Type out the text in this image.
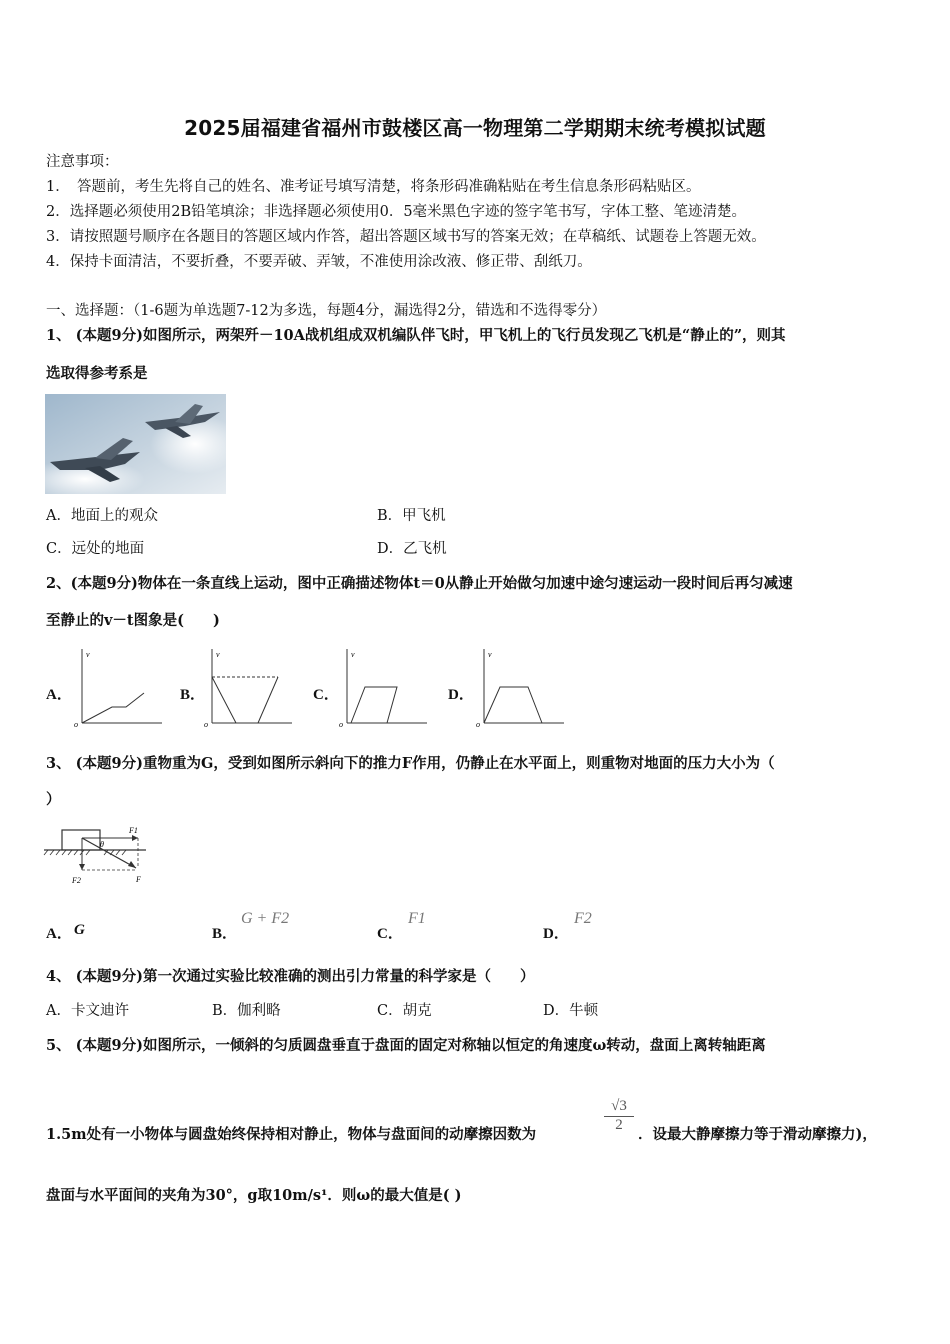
2025届福建省福州市鼓楼区高一物理第二学期期末统考模拟试题
注意事项：
1．　答题前，考生先将自己的姓名、准考证号填写清楚，将条形码准确粘贴在考生信息条形码粘贴区。
2．选择题必须使用2B铅笔填涂；非选择题必须使用0．5毫米黑色字迹的签字笔书写，字体工整、笔迹清楚。
3．请按照题号顺序在各题目的答题区域内作答，超出答题区域书写的答案无效；在草稿纸、试题卷上答题无效。
4．保持卡面清洁，不要折叠，不要弄破、弄皱，不准使用涂改液、修正带、刮纸刀。
一、选择题：（1-6题为单选题7-12为多选，每题4分，漏选得2分，错选和不选得零分）
1、 (本题9分)如图所示，两架歼－10A战机组成双机编队伴飞时，甲飞机上的飞行员发现乙飞机是“静止的”，则其
选取得参考系是
A．地面上的观众	B．甲飞机
C．远处的地面	D．乙飞机
2、(本题9分)物体在一条直线上运动，图中正确描述物体t＝0从静止开始做匀加速中途匀速运动一段时间后再匀减速
至静止的v－t图象是(　　)
A．
v
o
B．
v
o
C．
v
o
D．
v
o
3、 (本题9分)重物重为G，受到如图所示斜向下的推力F作用，仍静止在水平面上，则重物对地面的压力大小为（
）
F1
F2	F
θ
A． G	B．
G + F2
C．
F1
D．
F2
4、 (本题9分)第一次通过实验比较准确的测出引力常量的科学家是（　　）
A．卡文迪许	B．伽利略	C．胡克	D．牛顿
5、 (本题9分)如图所示，一倾斜的匀质圆盘垂直于盘面的固定对称轴以恒定的角速度ω转动，盘面上离转轴距离
1.5m处有一小物体与圆盘始终保持相对静止，物体与盘面间的动摩擦因数为
$\frac{√3}{2}$
．设最大静摩擦力等于滑动摩擦力)，
盘面与水平面间的夹角为30°，g取10m/s¹．则ω的最大值是( )
